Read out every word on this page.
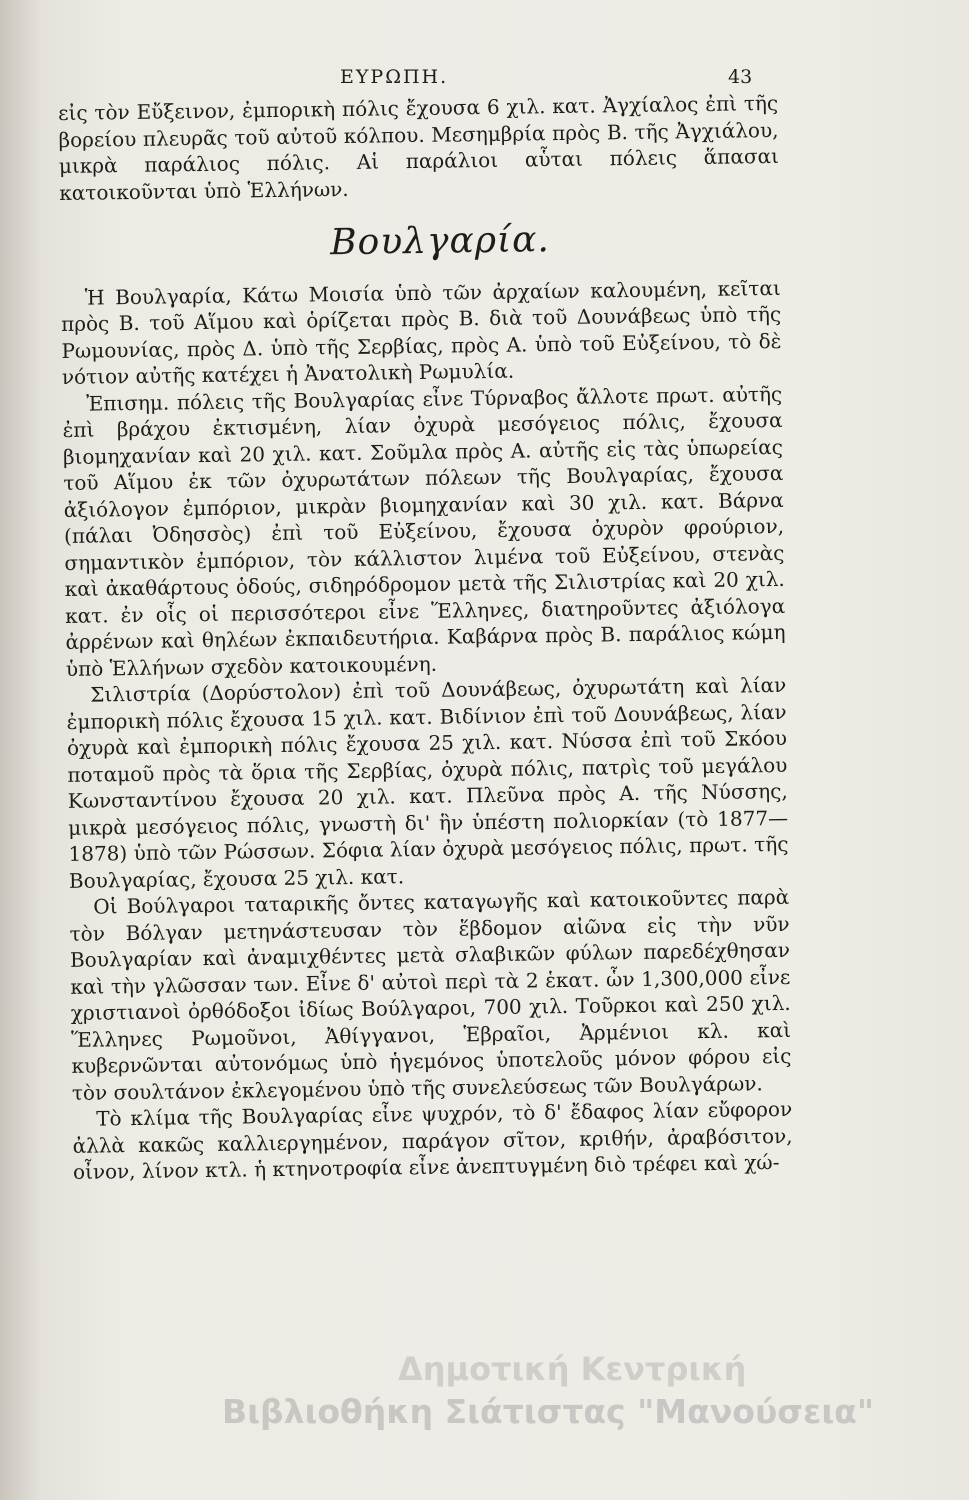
ΕΥΡΩΠΗ.	43

εἰς τὸν Εὔξεινον, ἐμπορικὴ πόλις ἔχουσα 6 χιλ. κατ. Ἀγχίαλος ἐπὶ τῆς βορείου πλευρᾶς τοῦ αὐτοῦ κόλπου. Μεσημβρία πρὸς Β. τῆς Ἀγχιάλου, μικρὰ παράλιος πόλις. Αἱ παράλιοι αὗται πόλεις ἅπασαι κατοικοῦνται ὑπὸ Ἑλλήνων.

Βουλγαρία.

Ἡ Βουλγαρία, Κάτω Μοισία ὑπὸ τῶν ἀρχαίων καλουμένη, κεῖται πρὸς Β. τοῦ Αἵμου καὶ ὁρίζεται πρὸς Β. διὰ τοῦ Δουνάβεως ὑπὸ τῆς Ρωμουνίας, πρὸς Δ. ὑπὸ τῆς Σερβίας, πρὸς Α. ὑπὸ τοῦ Εὐξείνου, τὸ δὲ νότιον αὐτῆς κατέχει ἡ Ἀνατολικὴ Ρωμυλία.

Ἐπισημ. πόλεις τῆς Βουλγαρίας εἶνε Τύρναβος ἄλλοτε πρωτ. αὐτῆς ἐπὶ βράχου ἐκτισμένη, λίαν ὀχυρὰ μεσόγειος πόλις, ἔχουσα βιομηχανίαν καὶ 20 χιλ. κατ. Σοῦμλα πρὸς Α. αὐτῆς εἰς τὰς ὑπωρείας τοῦ Αἵμου ἐκ τῶν ὀχυρωτάτων πόλεων τῆς Βουλγαρίας, ἔχουσα ἀξιόλογον ἐμπόριον, μικρὰν βιομηχανίαν καὶ 30 χιλ. κατ. Βάρνα (πάλαι Ὀδησσὸς) ἐπὶ τοῦ Εὐξείνου, ἔχουσα ὀχυρὸν φρούριον, σημαντικὸν ἐμπόριον, τὸν κάλλιστον λιμένα τοῦ Εὐξείνου, στενὰς καὶ ἀκαθάρτους ὁδούς, σιδηρόδρομον μετὰ τῆς Σιλιστρίας καὶ 20 χιλ. κατ. ἐν οἷς οἱ περισσότεροι εἶνε Ἕλληνες, διατηροῦντες ἀξιόλογα ἀρρένων καὶ θηλέων ἐκπαιδευτήρια. Καβάρνα πρὸς Β. παράλιος κώμη ὑπὸ Ἑλλήνων σχεδὸν κατοικουμένη.

Σιλιστρία (Δορύστολον) ἐπὶ τοῦ Δουνάβεως, ὀχυρωτάτη καὶ λίαν ἐμπορικὴ πόλις ἔχουσα 15 χιλ. κατ. Βιδίνιον ἐπὶ τοῦ Δουνάβεως, λίαν ὀχυρὰ καὶ ἐμπορικὴ πόλις ἔχουσα 25 χιλ. κατ. Νύσσα ἐπὶ τοῦ Σκόου ποταμοῦ πρὸς τὰ ὅρια τῆς Σερβίας, ὀχυρὰ πόλις, πατρὶς τοῦ μεγάλου Κωνσταντίνου ἔχουσα 20 χιλ. κατ. Πλεῦνα πρὸς Α. τῆς Νύσσης, μικρὰ μεσόγειος πόλις, γνωστὴ δι' ἣν ὑπέστη πολιορκίαν (τὸ 1877—1878) ὑπὸ τῶν Ρώσσων. Σόφια λίαν ὀχυρὰ μεσόγειος πόλις, πρωτ. τῆς Βουλγαρίας, ἔχουσα 25 χιλ. κατ.

Οἱ Βούλγαροι ταταρικῆς ὄντες καταγωγῆς καὶ κατοικοῦντες παρὰ τὸν Βόλγαν μετηνάστευσαν τὸν ἕβδομον αἰῶνα εἰς τὴν νῦν Βουλγαρίαν καὶ ἀναμιχθέντες μετὰ σλαβικῶν φύλων παρεδέχθησαν καὶ τὴν γλῶσσαν των. Εἶνε δ' αὐτοὶ περὶ τὰ 2 ἑκατ. ὧν 1,300,000 εἶνε χριστιανοὶ ὀρθόδοξοι ἰδίως Βούλγαροι, 700 χιλ. Τοῦρκοι καὶ 250 χιλ. Ἕλληνες Ρωμοῦνοι, Ἀθίγγανοι, Ἑβραῖοι, Ἀρμένιοι κλ. καὶ κυβερνῶνται αὐτονόμως ὑπὸ ἡγεμόνος ὑποτελοῦς μόνον φόρου εἰς τὸν σουλτάνον ἐκλεγομένου ὑπὸ τῆς συνελεύσεως τῶν Βουλγάρων.

Τὸ κλίμα τῆς Βουλγαρίας εἶνε ψυχρόν, τὸ δ' ἔδαφος λίαν εὔφορον ἀλλὰ κακῶς καλλιεργημένον, παράγον σῖτον, κριθήν, ἀραβόσιτον, οἶνον, λίνον κτλ. ἡ κτηνοτροφία εἶνε ἀνεπτυγμένη διὸ τρέφει καὶ χώ-

Δημοτική Κεντρική
Βιβλιοθήκη Σιάτιστας "Μανούσεια"
